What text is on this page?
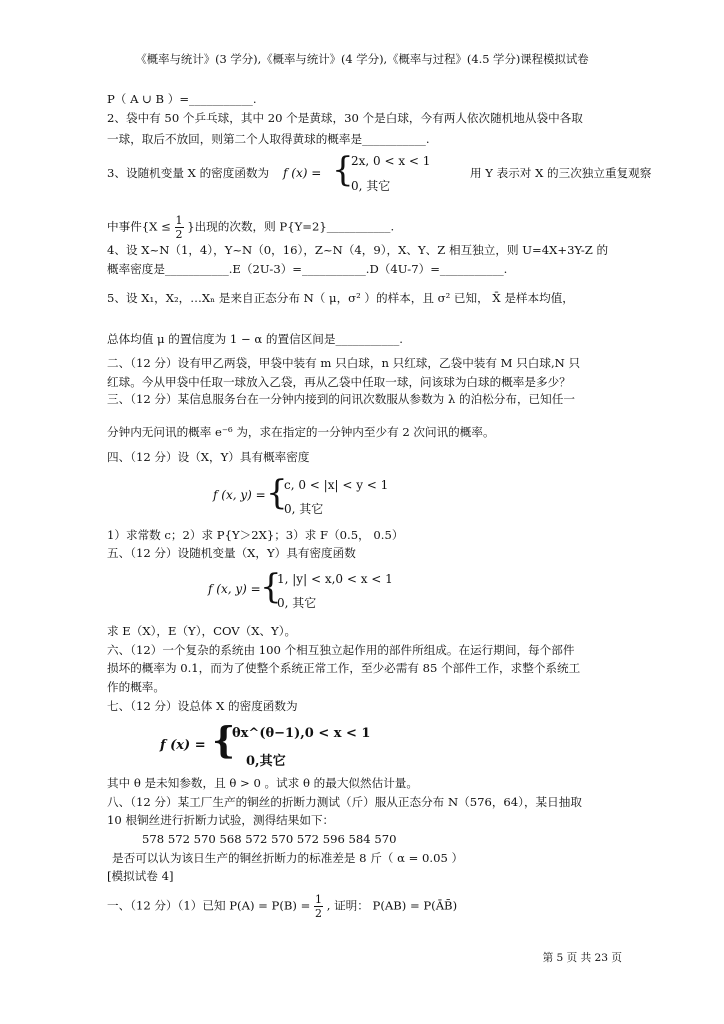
《概率与统计》(3 学分),《概率与统计》(4 学分),《概率与过程》(4.5 学分)课程模拟试卷
P（ A ∪ B ）=___________.
2、袋中有 50 个乒乓球，其中 20 个是黄球，30 个是白球，今有两人依次随机地从袋中各取
一球，取后不放回，则第二个人取得黄球的概率是___________.
3、设随机变量 X 的密度函数为 f (x) = {
2x, 0 < x < 1
0, 其它
用 Y 表示对 X 的三次独立重复观察
中事件{$X \le \frac{1}{2}$ }出现的次数，则 P{Y=2}___________.
4、设 X~N（1，4），Y~N（0，16），Z~N（4，9），X、Y、Z 相互独立，则 U=4X+3Y-Z 的
概率密度是___________.E（2U-3）=___________.D（4U-7）=___________.
5、设 X₁，X₂，…Xₙ 是来自正态分布 N（ μ，σ² ）的样本，且 σ² 已知， X̄ 是样本均值，
总体均值 μ 的置信度为 1 − α 的置信区间是___________.
二、（12 分）设有甲乙两袋，甲袋中装有 m 只白球，n 只红球，乙袋中装有 M 只白球,N 只
红球。今从甲袋中任取一球放入乙袋，再从乙袋中任取一球，问该球为白球的概率是多少？
三、（12 分）某信息服务台在一分钟内接到的问讯次数服从参数为 λ 的泊松分布，已知任一
分钟内无问讯的概率 e⁻⁶ 为，求在指定的一分钟内至少有 2 次问讯的概率。
四、（12 分）设（X，Y）具有概率密度
f (x, y) = {
c, 0 < |x| < y < 1
0, 其它
1）求常数 c；2）求 P{Y＞2X}；3）求 F（0.5， 0.5）
五、（12 分）设随机变量（X，Y）具有密度函数
f (x, y) = {
1, |y| < x,0 < x < 1
0, 其它
求 E（X），E（Y），COV（X、Y）。
六、（12）一个复杂的系统由 100 个相互独立起作用的部件所组成。在运行期间，每个部件
损坏的概率为 0.1，而为了使整个系统正常工作，至少必需有 85 个部件工作，求整个系统工
作的概率。
七、（12 分）设总体 X 的密度函数为
f (x) = {
θx^(θ−1),0 < x < 1
0,其它
其中 θ 是未知参数，且 θ > 0 。试求 θ 的最大似然估计量。
八、（12 分）某工厂生产的铜丝的折断力测试（斤）服从正态分布 N（576，64），某日抽取
10 根铜丝进行折断力试验，测得结果如下：
578 572 570 568 572 570 572 596 584 570
是否可以认为该日生产的铜丝折断力的标准差是 8 斤（ α = 0.05 ）
[模拟试卷 4]
一、（12 分）（1）已知 $P(A) = P(B) = \frac{1}{2}$ , 证明： P(AB) = P(ĀB̄)
第 5 页 共 23 页
